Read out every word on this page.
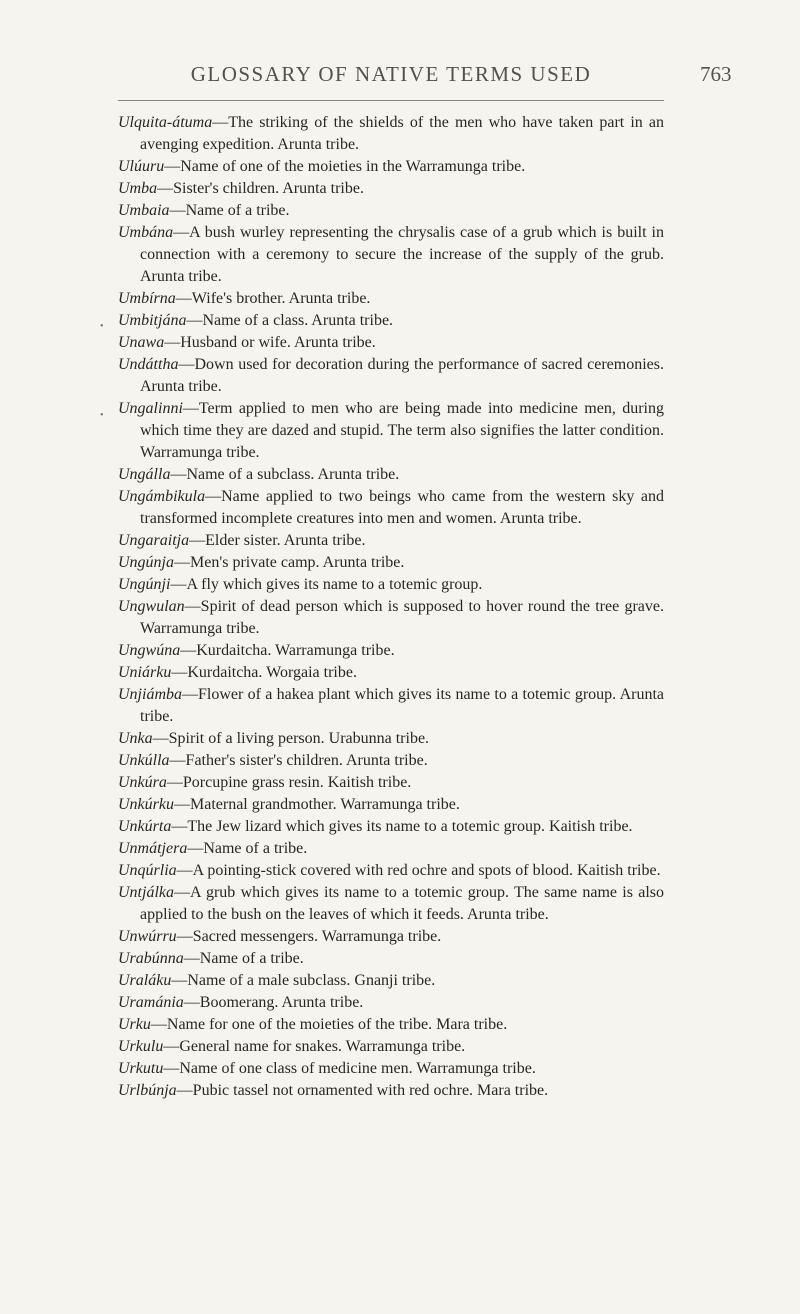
GLOSSARY OF NATIVE TERMS USED	763

Ulquita-átuma—The striking of the shields of the men who have taken part in an avenging expedition. Arunta tribe.

Ulúuru—Name of one of the moieties in the Warramunga tribe.

Umba—Sister's children. Arunta tribe.

Umbaia—Name of a tribe.

Umbána—A bush wurley representing the chrysalis case of a grub which is built in connection with a ceremony to secure the increase of the supply of the grub. Arunta tribe.

Umbírna—Wife's brother. Arunta tribe.

Umbitjána—Name of a class. Arunta tribe.

Unawa—Husband or wife. Arunta tribe.

Undáttha—Down used for decoration during the performance of sacred ceremonies. Arunta tribe.

Ungalinni—Term applied to men who are being made into medicine men, during which time they are dazed and stupid. The term also signifies the latter condition. Warramunga tribe.

Ungálla—Name of a subclass. Arunta tribe.

Ungámbikula—Name applied to two beings who came from the western sky and transformed incomplete creatures into men and women. Arunta tribe.

Ungaraitja—Elder sister. Arunta tribe.

Ungúnja—Men's private camp. Arunta tribe.

Ungúnji—A fly which gives its name to a totemic group.

Ungwulan—Spirit of dead person which is supposed to hover round the tree grave. Warramunga tribe.

Ungwúna—Kurdaitcha. Warramunga tribe.

Uniárku—Kurdaitcha. Worgaia tribe.

Unjiámba—Flower of a hakea plant which gives its name to a totemic group. Arunta tribe.

Unka—Spirit of a living person. Urabunna tribe.

Unkúlla—Father's sister's children. Arunta tribe.

Unkúra—Porcupine grass resin. Kaitish tribe.

Unkúrku—Maternal grandmother. Warramunga tribe.

Unkúrta—The Jew lizard which gives its name to a totemic group. Kaitish tribe.

Unmátjera—Name of a tribe.

Unqúrlia—A pointing-stick covered with red ochre and spots of blood. Kaitish tribe.

Untjálka—A grub which gives its name to a totemic group. The same name is also applied to the bush on the leaves of which it feeds. Arunta tribe.

Unwúrru—Sacred messengers. Warramunga tribe.

Urabúnna—Name of a tribe.

Uraláku—Name of a male subclass. Gnanji tribe.

Uramánia—Boomerang. Arunta tribe.

Urku—Name for one of the moieties of the tribe. Mara tribe.

Urkulu—General name for snakes. Warramunga tribe.

Urkutu—Name of one class of medicine men. Warramunga tribe.

Urlbúnja—Pubic tassel not ornamented with red ochre. Mara tribe.

•
•
